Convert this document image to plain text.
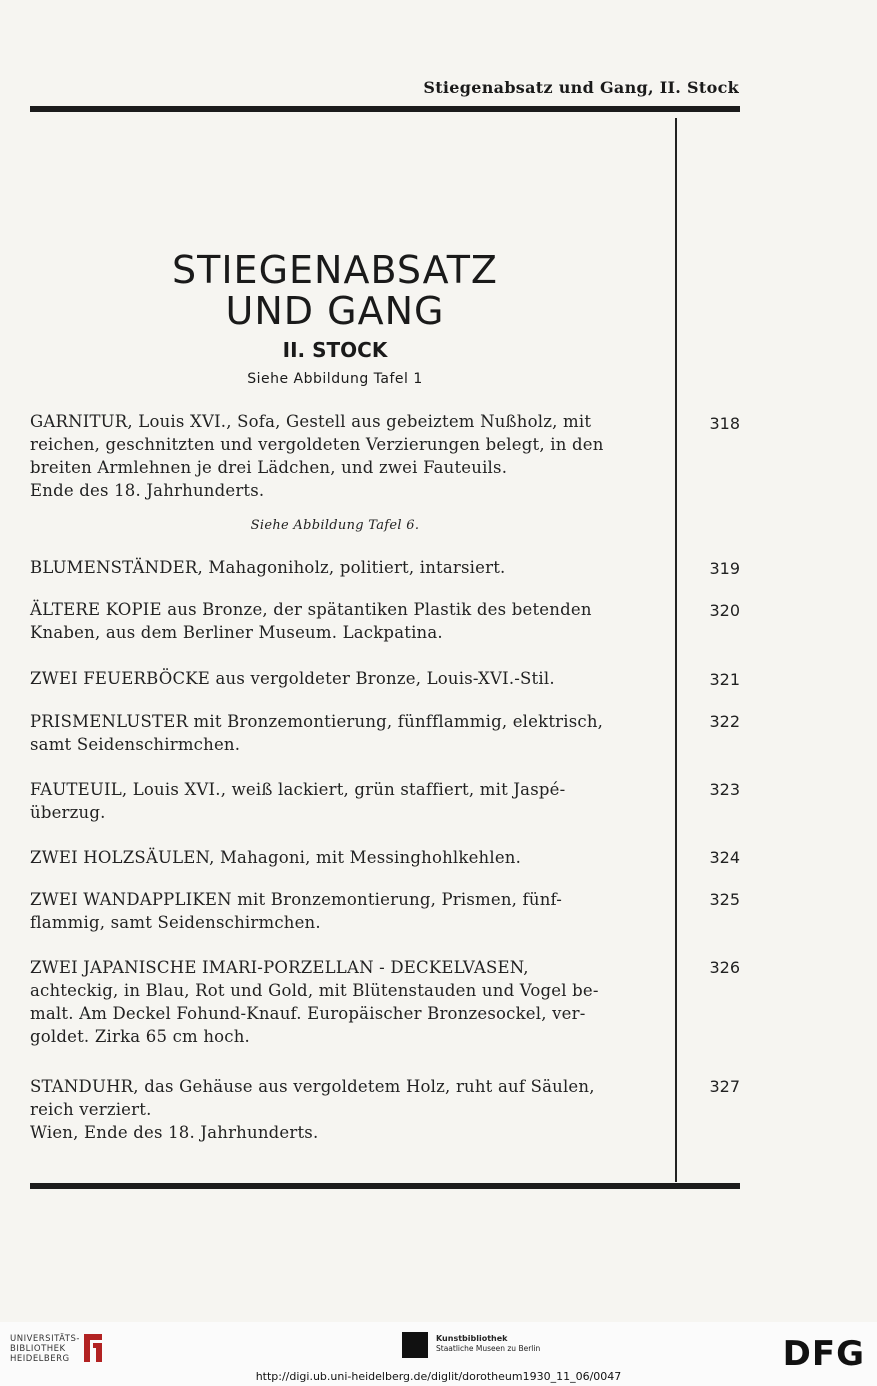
Stiegenabsatz und Gang, II. Stock
STIEGENABSATZ
UND GANG
II. STOCK
Siehe Abbildung Tafel 1
GARNITUR, Louis XVI., Sofa, Gestell aus gebeiztem Nußholz, mit
reichen, geschnitzten und vergoldeten Verzierungen belegt, in den
breiten Armlehnen je drei Lädchen, und zwei Fauteuils.
Ende des 18. Jahrhunderts.
318
Siehe Abbildung Tafel 6.
BLUMENSTÄNDER, Mahagoniholz, politiert, intarsiert.	319
ÄLTERE KOPIE aus Bronze, der spätantiken Plastik des betenden
Knaben, aus dem Berliner Museum. Lackpatina.
320
ZWEI FEUERBÖCKE aus vergoldeter Bronze, Louis-XVI.-Stil.	321
PRISMENLUSTER mit Bronzemontierung, fünfflammig, elektrisch,
samt Seidenschirmchen.
322
FAUTEUIL, Louis XVI., weiß lackiert, grün staffiert, mit Jaspé-
überzug.
323
ZWEI HOLZSÄULEN, Mahagoni, mit Messinghohlkehlen.	324
ZWEI WANDAPPLIKEN mit Bronzemontierung, Prismen, fünf-
flammig, samt Seidenschirmchen.
325
ZWEI JAPANISCHE IMARI-PORZELLAN - DECKELVASEN,
achteckig, in Blau, Rot und Gold, mit Blütenstauden und Vogel be-
malt. Am Deckel Fohund-Knauf. Europäischer Bronzesockel, ver-
goldet. Zirka 65 cm hoch.
326
STANDUHR, das Gehäuse aus vergoldetem Holz, ruht auf Säulen,
reich verziert.
Wien, Ende des 18. Jahrhunderts.
327
UNIVERSITÄTS-
BIBLIOTHEK
HEIDELBERG
Kunstbibliothek
Staatliche Museen zu Berlin	DFG
http://digi.ub.uni-heidelberg.de/diglit/dorotheum1930_11_06/0047
